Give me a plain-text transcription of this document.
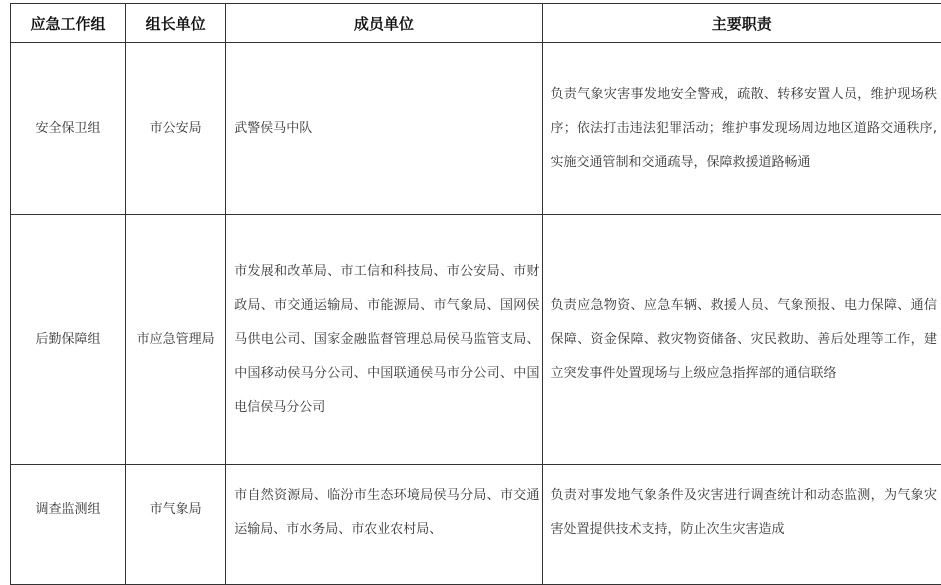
应急工作组	组长单位	成员单位	主要职责
安全保卫组	市公安局	武警侯马中队	负责气象灾害事发地安全警戒，疏散、转移安置人员，维护现场秩序；依法打击违法犯罪活动；维护事发现场周边地区道路交通秩序,实施交通管制和交通疏导，保障救援道路畅通
后勤保障组	市应急管理局	市发展和改革局、市工信和科技局、市公安局、市财政局、市交通运输局、市能源局、市气象局、国网侯马供电公司、国家金融监督管理总局侯马监管支局、中国移动侯马分公司、中国联通侯马市分公司、中国电信侯马分公司	负责应急物资、应急车辆、救援人员、气象预报、电力保障、通信保障、资金保障、救灾物资储备、灾民救助、善后处理等工作，建立突发事件处置现场与上级应急指挥部的通信联络
调查监测组	市气象局	市自然资源局、临汾市生态环境局侯马分局、市交通运输局、市水务局、市农业农村局、	负责对事发地气象条件及灾害进行调查统计和动态监测，为气象灾害处置提供技术支持，防止次生灾害造成
